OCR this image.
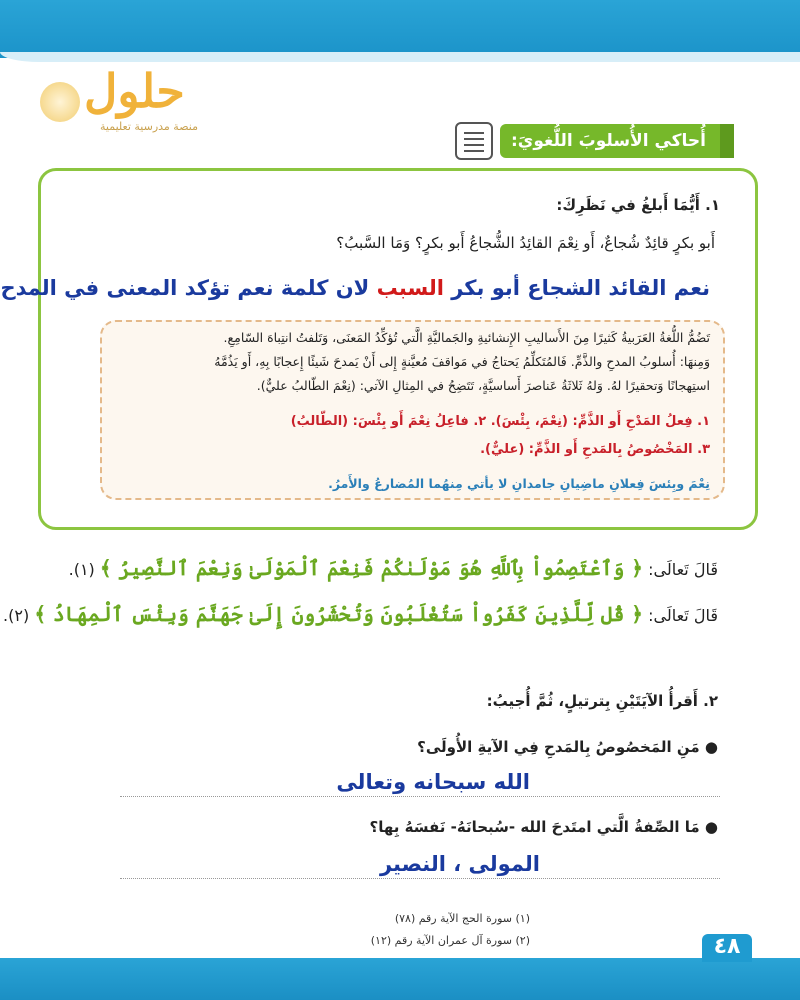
حلول
منصة مدرسية تعليمية
أُحاكي الأُسلوبَ اللُّغويَ:
١. أَيُّمَا أَبلغُ في نَظَرِكَ:
أَبو بكرٍ قائِدٌ شُجاعٌ، أَو نِعْمَ القائِدُ الشُّجاعُ أَبو بكرٍ؟ وَمَا السَّببُ؟
نعم القائد الشجاع أبو بكر السبب لان كلمة نعم تؤكد المعنى في المدح
تَضُمُّ اللُّغةُ العَرَبيةُ كَثيرًا مِنَ الأَساليبِ الإِنشائيةِ والجَماليَّةِ الَّتي تُؤكِّدُ المَعنَى، وَتَلفتُ انتِباهَ السّامِعِ.
وَمِنهَا: أُسلوبُ المدحِ والذَّمِّ. فَالمُتَكلِّمُ يَحتاجُ في مَواقفَ مُعيَّنةٍ إِلى أَنْ يَمدحَ شَيئًا إِعجابًا بِهِ، أَو يَذُمَّهُ
استِهجانًا وَتحقيرًا لهُ. وَلهُ ثَلاثَةُ عَناصرَ أَساسيَّةٍ، تَتَضِحُ في المِثالِ الآتي: (نِعْمَ الطّالبُ عليٌّ).
١. فِعلُ المَدْحِ أَو الذَّمِّ: (نِعْمَ، بِئْسَ). ٢. فاعِلُ نِعْمَ أَو بِئْسَ: (الطّالبُ)
٣. المَخْصُوصُ بِالمَدحِ أَو الذَّمِّ: (عليٌّ).
نِعْمَ وبِئسَ فِعلانِ ماضِيانِ جامدانِ لا يأتي مِنهُما المُضارعُ والأَمرُ.
قَالَ تَعالَى: ﴿ وَٱعْتَصِمُواْ بِٱللَّهِ هُوَ مَوْلَىٰكُمْ فَنِعْمَ ٱلْمَوْلَىٰ وَنِعْمَ ٱلنَّصِيرُ ﴾ (١).
قَالَ تَعالَى: ﴿ قُل لِّلَّذِينَ كَفَرُواْ سَتُغْلَبُونَ وَتُحْشَرُونَ إِلَىٰ جَهَنَّمَ وَبِئْسَ ٱلْمِهَادُ ﴾ (٢).
٢. أَقرأُ الآيَتَيْنِ بِترتيلٍ، ثُمَّ أُجيبُ:
● مَنِ المَخصُوصُ بِالمَدحِ فِي الآيةِ الأُولَى؟
الله سبحانه وتعالى
● مَا الصِّفةُ الَّتي امتَدحَ الله -سُبحانَهُ- نَفسَهُ بِها؟
المولى ، النصير
(١) سورة الحج الآية رقم (٧٨)
(٢) سورة آل عمران الآية رقم (١٢)	٤٨
